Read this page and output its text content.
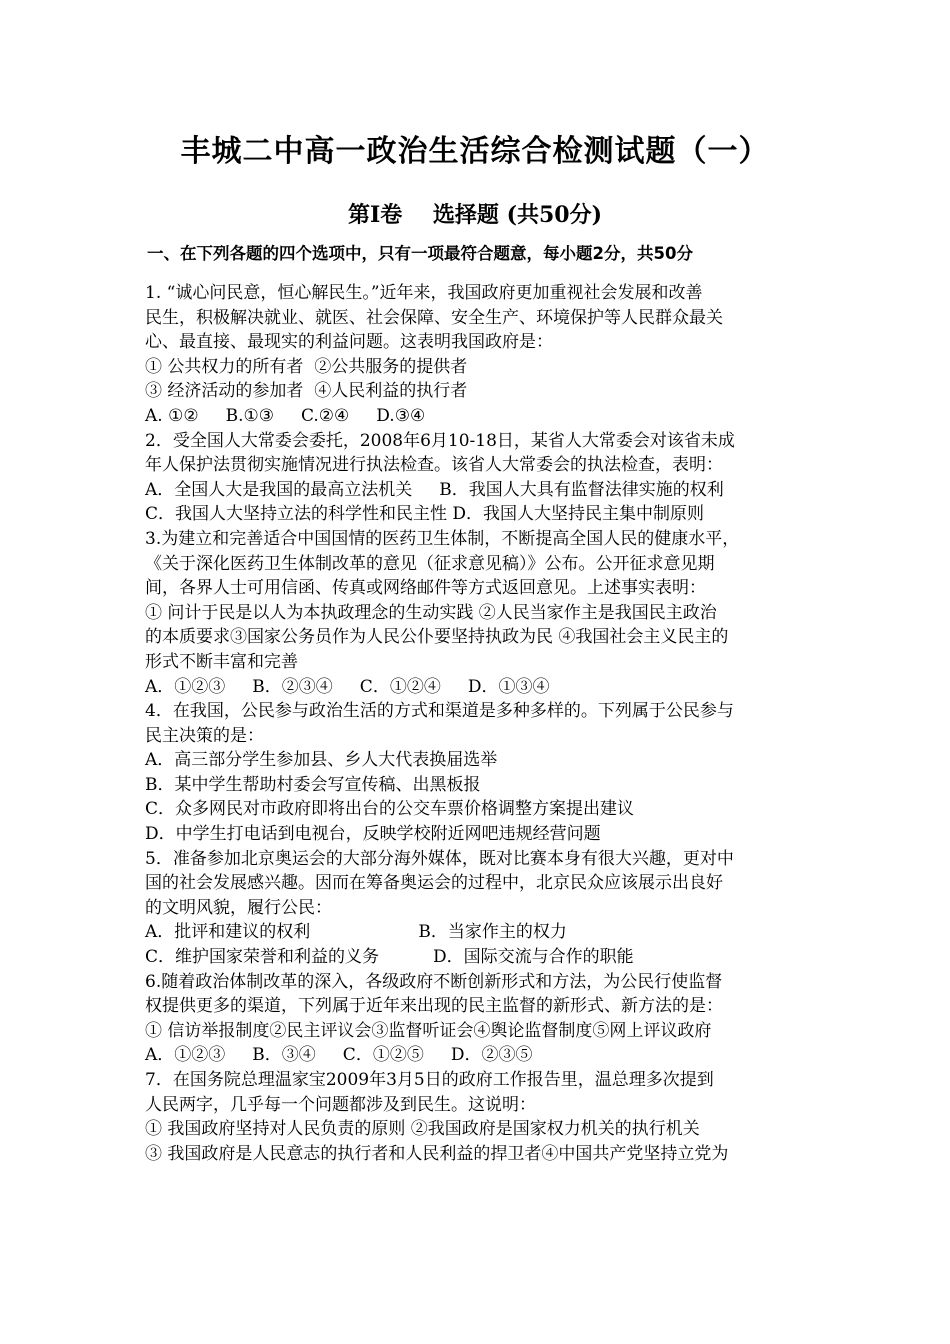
丰城二中高一政治生活综合检测试题（一）
第Ⅰ卷    选择题 (共50分)
一、在下列各题的四个选项中，只有一项最符合题意，每小题2分，共50分
1. “诚心问民意，恒心解民生。”近年来，我国政府更加重视社会发展和改善
民生，积极解决就业、就医、社会保障、安全生产、环境保护等人民群众最关
心、最直接、最现实的利益问题。这表明我国政府是：
① 公共权力的所有者  ②公共服务的提供者
③ 经济活动的参加者  ④人民利益的执行者
A. ①②     B.①③     C.②④     D.③④
2．受全国人大常委会委托，2008年6月10-18日，某省人大常委会对该省未成
年人保护法贯彻实施情况进行执法检查。该省人大常委会的执法检查，表明：
A．全国人大是我国的最高立法机关     B．我国人大具有监督法律实施的权利
C．我国人大坚持立法的科学性和民主性 D．我国人大坚持民主集中制原则
3.为建立和完善适合中国国情的医药卫生体制，不断提高全国人民的健康水平，
《关于深化医药卫生体制改革的意见（征求意见稿）》公布。公开征求意见期
间，各界人士可用信函、传真或网络邮件等方式返回意见。上述事实表明：
① 问计于民是以人为本执政理念的生动实践 ②人民当家作主是我国民主政治
的本质要求③国家公务员作为人民公仆要坚持执政为民 ④我国社会主义民主的
形式不断丰富和完善
A．①②③     B．②③④     C．①②④     D．①③④
4．在我国，公民参与政治生活的方式和渠道是多种多样的。下列属于公民参与
民主决策的是：
A．高三部分学生参加县、乡人大代表换届选举
B．某中学生帮助村委会写宣传稿、出黑板报
C．众多网民对市政府即将出台的公交车票价格调整方案提出建议
D．中学生打电话到电视台，反映学校附近网吧违规经营问题
5．准备参加北京奥运会的大部分海外媒体，既对比赛本身有很大兴趣，更对中
国的社会发展感兴趣。因而在筹备奥运会的过程中，北京民众应该展示出良好
的文明风貌，履行公民：
A．批评和建议的权利                    B．当家作主的权力
C．维护国家荣誉和利益的义务          D．国际交流与合作的职能
6.随着政治体制改革的深入，各级政府不断创新形式和方法，为公民行使监督
权提供更多的渠道，下列属于近年来出现的民主监督的新形式、新方法的是：
① 信访举报制度②民主评议会③监督听证会④舆论监督制度⑤网上评议政府
A．①②③     B．③④     C．①②⑤     D．②③⑤
7．在国务院总理温家宝2009年3月5日的政府工作报告里，温总理多次提到
人民两字，几乎每一个问题都涉及到民生。这说明：
① 我国政府坚持对人民负责的原则 ②我国政府是国家权力机关的执行机关
③ 我国政府是人民意志的执行者和人民利益的捍卫者④中国共产党坚持立党为
